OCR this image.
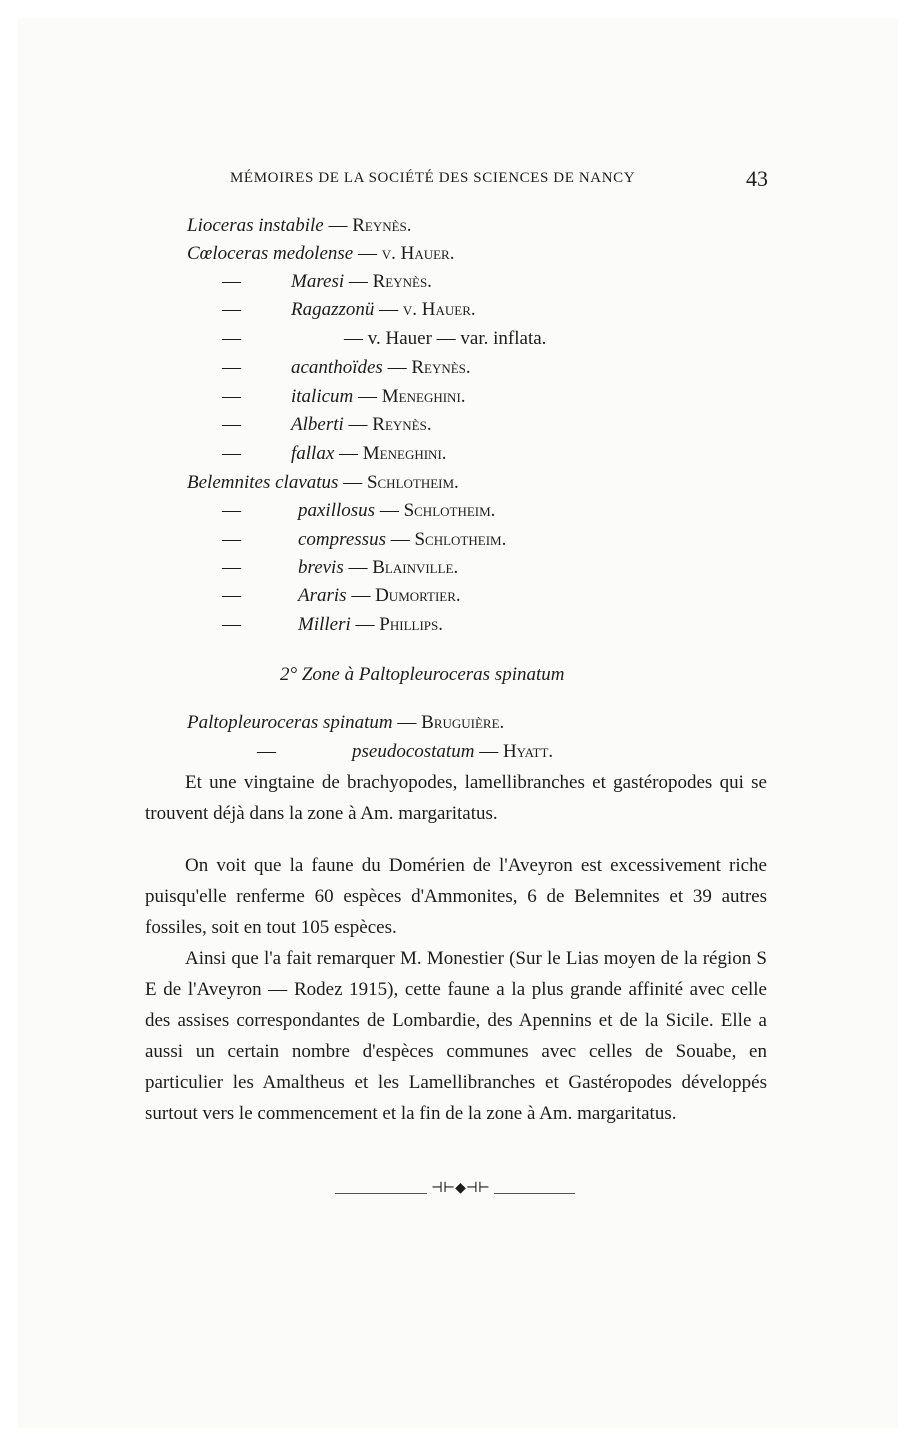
MÉMOIRES DE LA SOCIÉTÉ DES SCIENCES DE NANCY	43
Lioceras instabile — Reynès.
Cœloceras medolense — v. Hauer.
—	Maresi — Reynès.
—	Ragazzonü — v. Hauer.
—	— v. Hauer — var. inflata.
—	acanthoïdes — Reynès.
—	italicum — Meneghini.
—	Alberti — Reynès.
—	fallax — Meneghini.
Belemnites clavatus — Schlotheim.
—	paxillosus — Schlotheim.
—	compressus — Schlotheim.
—	brevis — Blainville.
—	Araris — Dumortier.
—	Milleri — Phillips.
2° Zone à Paltopleuroceras spinatum
Paltopleuroceras spinatum — Bruguière.
—	pseudocostatum — Hyatt.

Et une vingtaine de brachyopodes, lamellibranches et gastéropodes qui se trouvent déjà dans la zone à Am. margaritatus.

On voit que la faune du Domérien de l'Aveyron est excessivement riche puisqu'elle renferme 60 espèces d'Ammonites, 6 de Belemnites et 39 autres fossiles, soit en tout 105 espèces.

Ainsi que l'a fait remarquer M. Monestier (Sur le Lias moyen de la région S E de l'Aveyron — Rodez 1915), cette faune a la plus grande affinité avec celle des assises correspondantes de Lombardie, des Apennins et de la Sicile. Elle a aussi un certain nombre d'espèces communes avec celles de Souabe, en particulier les Amaltheus et les Lamellibranches et Gastéropodes développés surtout vers le commencement et la fin de la zone à Am. margaritatus.

⊣⊢◆⊣⊢
